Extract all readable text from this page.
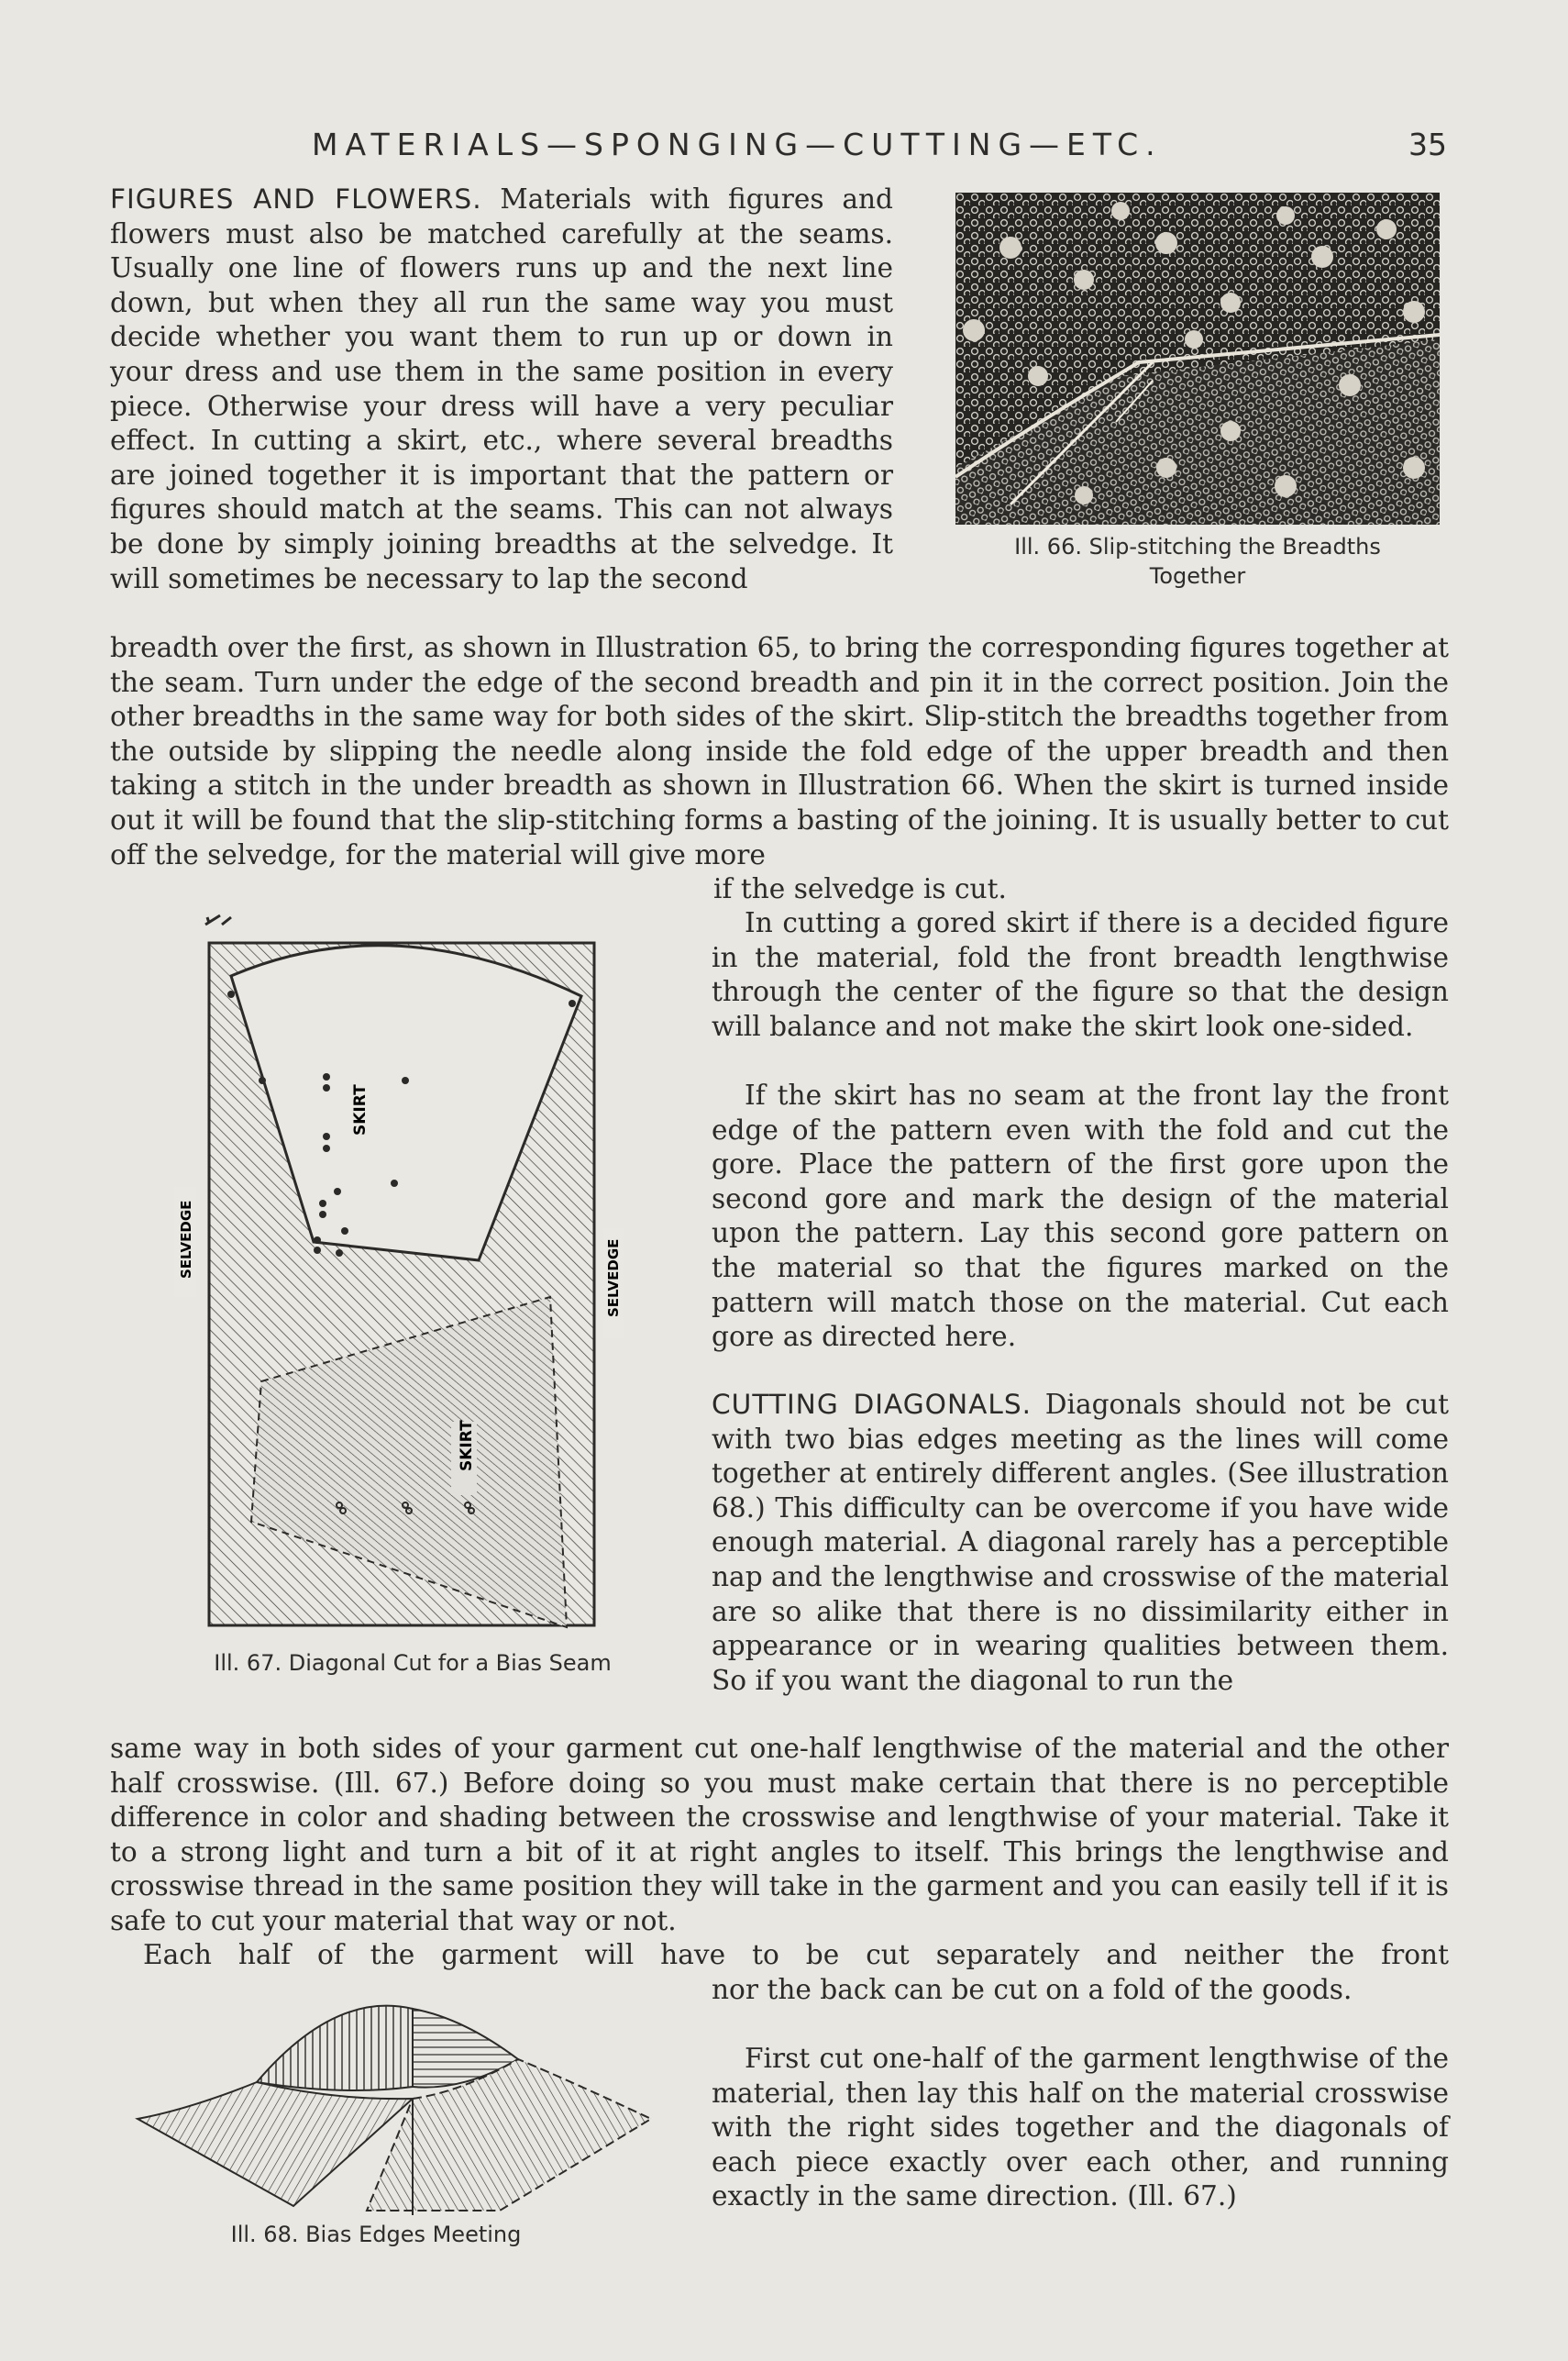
MATERIALS—SPONGING—CUTTING—ETC.	35

FIGURES AND FLOWERS. Materials with figures and flowers must also be matched carefully at the seams. Usually one line of flowers runs up and the next line down, but when they all run the same way you must decide whether you want them to run up or down in your dress and use them in the same position in every piece. Otherwise your dress will have a very peculiar effect. In cutting a skirt, etc., where several breadths are joined together it is important that the pattern or figures should match at the seams. This can not always be done by simply joining breadths at the selvedge. It will sometimes be necessary to lap the second

Ill. 66. Slip-stitching the Breadths
Together

breadth over the first, as shown in Illustration 65, to bring the corresponding figures together at the seam. Turn under the edge of the second breadth and pin it in the correct position. Join the other breadths in the same way for both sides of the skirt. Slip-stitch the breadths together from the outside by slipping the needle along inside the fold edge of the upper breadth and then taking a stitch in the under breadth as shown in Illustration 66. When the skirt is turned inside out it will be found that the slip-stitching forms a basting of the joining. It is usually better to cut off the selvedge, for the material will give more

if the selvedge is cut.

SKIRT
SELVEDGE	SELVEDGE
SKIRT
Ill. 67. Diagonal Cut for a Bias Seam

In cutting a gored skirt if there is a decided figure in the material, fold the front breadth lengthwise through the center of the figure so that the design will balance and not make the skirt look one-sided.

If the skirt has no seam at the front lay the front edge of the pattern even with the fold and cut the gore. Place the pattern of the first gore upon the second gore and mark the design of the material upon the pattern. Lay this second gore pattern on the material so that the figures marked on the pattern will match those on the material. Cut each gore as directed here.

CUTTING DIAGONALS. Diagonals should not be cut with two bias edges meeting as the lines will come together at entirely different angles. (See illustration 68.) This difficulty can be overcome if you have wide enough material. A diagonal rarely has a perceptible nap and the lengthwise and crosswise of the material are so alike that there is no dissimilarity either in appearance or in wearing qualities between them. So if you want the diagonal to run the

same way in both sides of your garment cut one-half lengthwise of the material and the other half crosswise. (Ill. 67.) Before doing so you must make certain that there is no perceptible difference in color and shading between the crosswise and lengthwise of your material. Take it to a strong light and turn a bit of it at right angles to itself. This brings the lengthwise and crosswise thread in the same position they will take in the garment and you can easily tell if it is safe to cut your material that way or not.

Each half of the garment will have to be cut separately and neither the front

nor the back can be cut on a fold of the goods.

First cut one-half of the garment lengthwise of the material, then lay this half on the material crosswise with the right sides together and the diagonals of each piece exactly over each other, and running exactly in the same direction. (Ill. 67.)

Ill. 68. Bias Edges Meeting
